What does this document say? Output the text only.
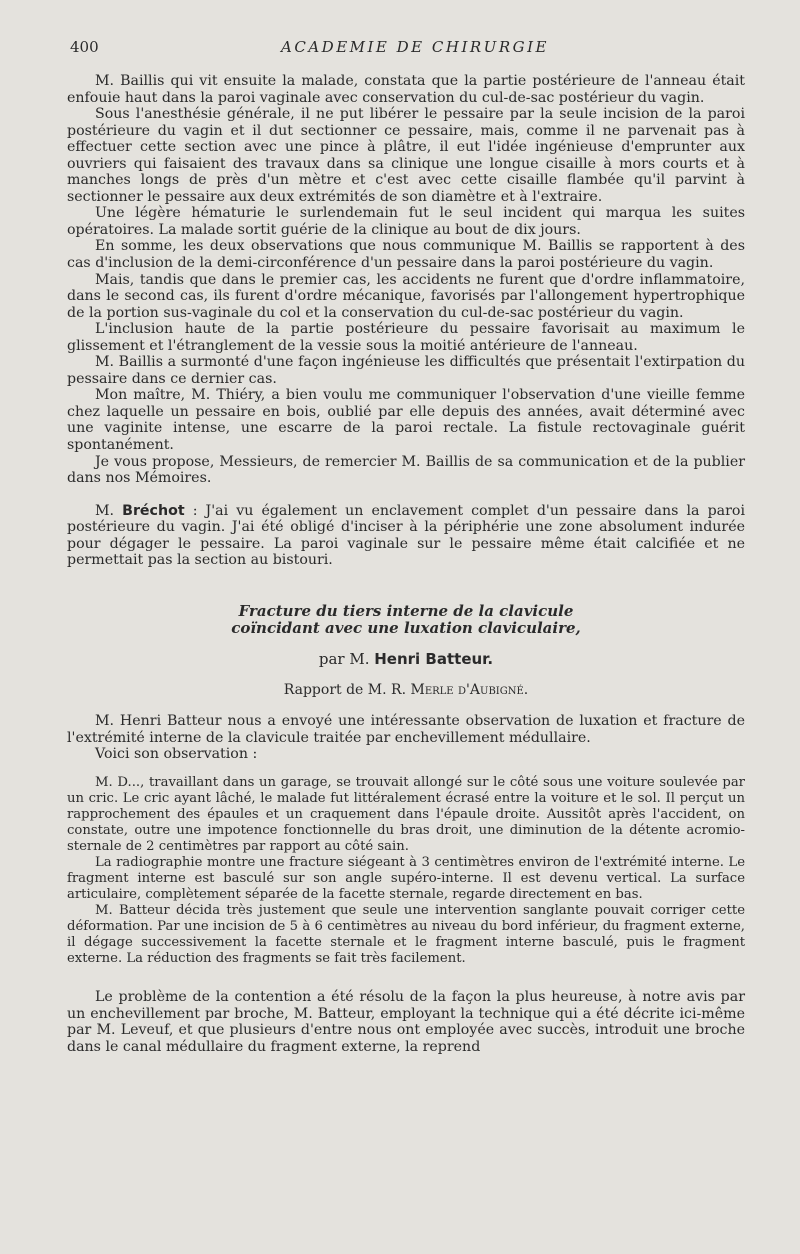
400	ACADEMIE DE CHIRURGIE

M. Baillis qui vit ensuite la malade, constata que la partie postérieure de l'anneau était enfouie haut dans la paroi vaginale avec conservation du cul-de-sac postérieur du vagin.

Sous l'anesthésie générale, il ne put libérer le pessaire par la seule incision de la paroi postérieure du vagin et il dut sectionner ce pessaire, mais, comme il ne parvenait pas à effectuer cette section avec une pince à plâtre, il eut l'idée ingénieuse d'emprunter aux ouvriers qui faisaient des travaux dans sa clinique une longue cisaille à mors courts et à manches longs de près d'un mètre et c'est avec cette cisaille flambée qu'il parvint à sectionner le pessaire aux deux extrémités de son diamètre et à l'extraire.

Une légère hématurie le surlendemain fut le seul incident qui marqua les suites opératoires. La malade sortit guérie de la clinique au bout de dix jours.

En somme, les deux observations que nous communique M. Baillis se rapportent à des cas d'inclusion de la demi-circonférence d'un pessaire dans la paroi postérieure du vagin.

Mais, tandis que dans le premier cas, les accidents ne furent que d'ordre inflammatoire, dans le second cas, ils furent d'ordre mécanique, favorisés par l'allongement hypertrophique de la portion sus-vaginale du col et la conservation du cul-de-sac postérieur du vagin.

L'inclusion haute de la partie postérieure du pessaire favorisait au maximum le glissement et l'étranglement de la vessie sous la moitié antérieure de l'anneau.

M. Baillis a surmonté d'une façon ingénieuse les difficultés que présentait l'extirpation du pessaire dans ce dernier cas.

Mon maître, M. Thiéry, a bien voulu me communiquer l'observation d'une vieille femme chez laquelle un pessaire en bois, oublié par elle depuis des années, avait déterminé avec une vaginite intense, une escarre de la paroi rectale. La fistule rectovaginale guérit spontanément.

Je vous propose, Messieurs, de remercier M. Baillis de sa communication et de la publier dans nos Mémoires.

M. Bréchot : J'ai vu également un enclavement complet d'un pessaire dans la paroi postérieure du vagin. J'ai été obligé d'inciser à la périphérie une zone absolument indurée pour dégager le pessaire. La paroi vaginale sur le pessaire même était calcifiée et ne permettait pas la section au bistouri.

Fracture du tiers interne de la clavicule
coïncidant avec une luxation claviculaire,
par M. Henri Batteur.
Rapport de M. R. Merle d'Aubigné.

M. Henri Batteur nous a envoyé une intéressante observation de luxation et fracture de l'extrémité interne de la clavicule traitée par enchevillement médullaire.

Voici son observation :

M. D..., travaillant dans un garage, se trouvait allongé sur le côté sous une voiture soulevée par un cric. Le cric ayant lâché, le malade fut littéralement écrasé entre la voiture et le sol. Il perçut un rapprochement des épaules et un craquement dans l'épaule droite. Aussitôt après l'accident, on constate, outre une impotence fonctionnelle du bras droit, une diminution de la détente acromio-sternale de 2 centimètres par rapport au côté sain.

La radiographie montre une fracture siégeant à 3 centimètres environ de l'extrémité interne. Le fragment interne est basculé sur son angle supéro-interne. Il est devenu vertical. La surface articulaire, complètement séparée de la facette sternale, regarde directement en bas.

M. Batteur décida très justement que seule une intervention sanglante pouvait corriger cette déformation. Par une incision de 5 à 6 centimètres au niveau du bord inférieur, du fragment externe, il dégage successivement la facette sternale et le fragment interne basculé, puis le fragment externe. La réduction des fragments se fait très facilement.

Le problème de la contention a été résolu de la façon la plus heureuse, à notre avis par un enchevillement par broche, M. Batteur, employant la technique qui a été décrite ici-même par M. Leveuf, et que plusieurs d'entre nous ont employée avec succès, introduit une broche dans le canal médullaire du fragment externe, la reprend
